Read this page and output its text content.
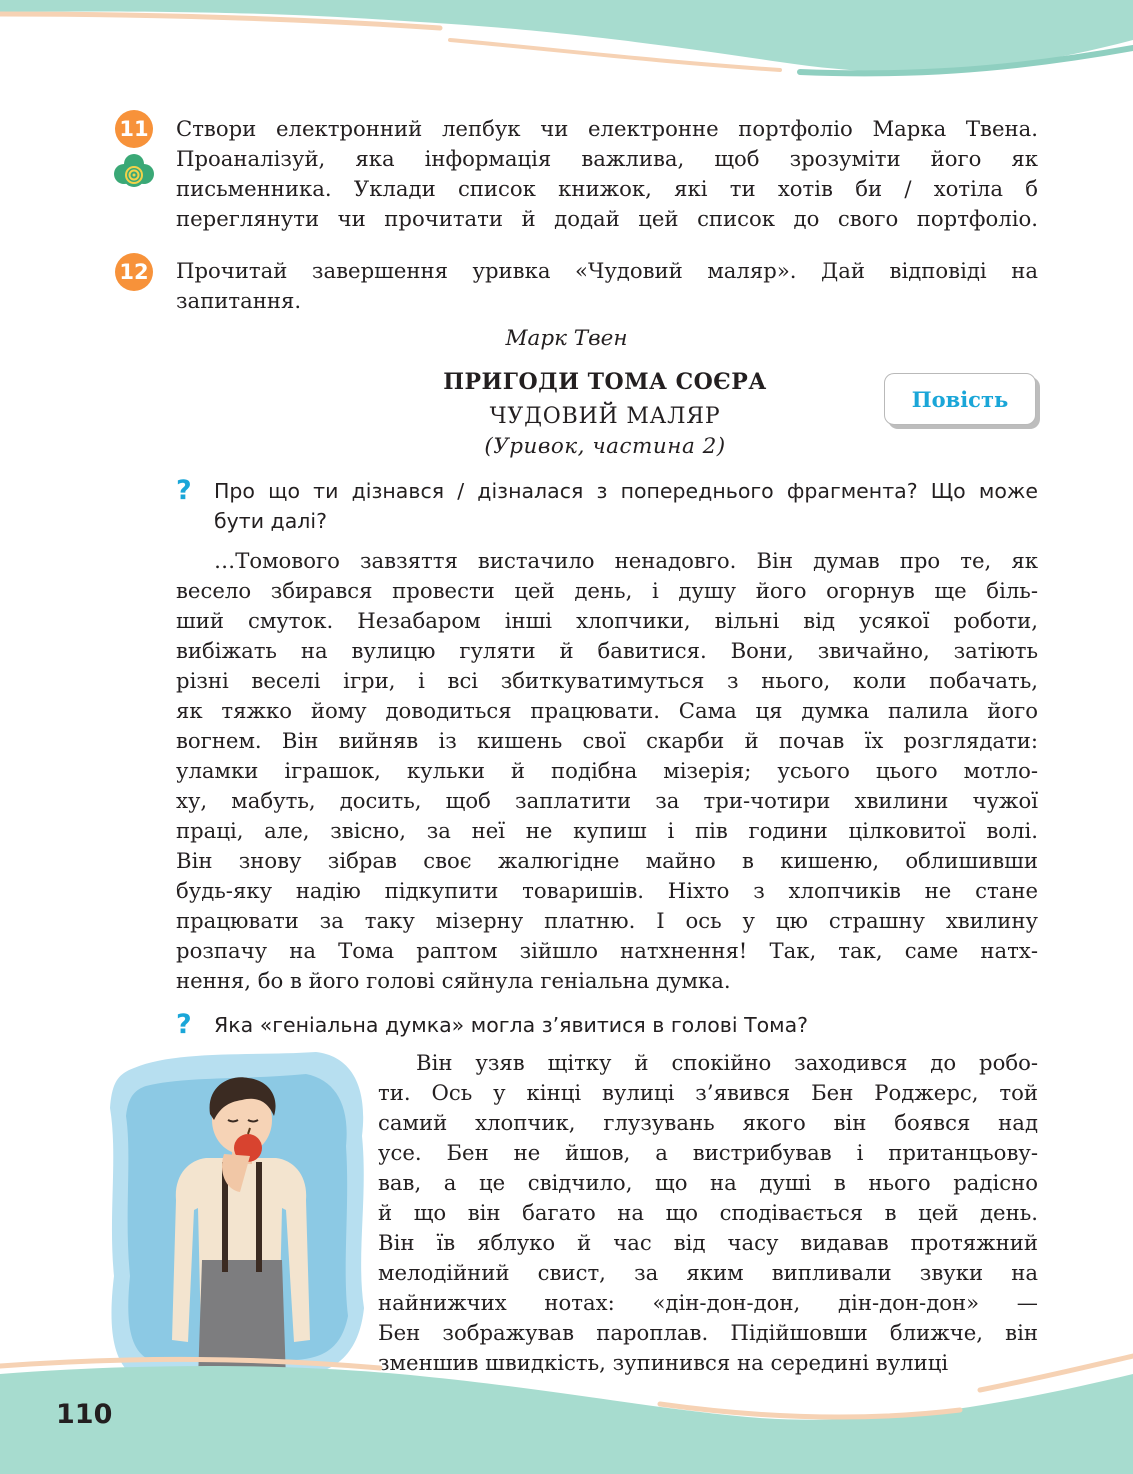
11 Створи електронний лепбук чи електронне портфоліо Марка Твена.
Проаналізуй, яка інформація важлива, щоб зрозуміти його як
письменника. Уклади список книжок, які ти хотів би / хотіла б
переглянути чи прочитати й додай цей список до свого портфоліо.

12 Прочитай завершення уривка «Чудовий маляр». Дай відповіді на
запитання.

Марк Твен
ПРИГОДИ ТОМА СОЄРА
ЧУДОВИЙ МАЛЯР
(Уривок, частина 2)
Повість
? Про що ти дізнався / дізналася з попереднього фрагмента? Що може
бути далі?

…Томового завзяття вистачило ненадовго. Він думав про те, як
весело збирався провести цей день, і душу його огорнув ще біль-
ший смуток. Незабаром інші хлопчики, вільні від усякої роботи,
вибіжать на вулицю гуляти й бавитися. Вони, звичайно, затіють
різні веселі ігри, і всі збиткуватимуться з нього, коли побачать,
як тяжко йому доводиться працювати. Сама ця думка палила його
вогнем. Він вийняв із кишень свої скарби й почав їх розглядати:
уламки іграшок, кульки й подібна мізерія; усього цього мотло-
ху, мабуть, досить, щоб заплатити за три-чотири хвилини чужої
праці, але, звісно, за неї не купиш і пів години цілковитої волі.
Він знову зібрав своє жалюгідне майно в кишеню, облишивши
будь-яку надію підкупити товаришів. Ніхто з хлопчиків не стане
працювати за таку мізерну платню. І ось у цю страшну хвилину
розпачу на Тома раптом зійшло натхнення! Так, так, саме натх-
нення, бо в його голові сяйнула геніальна думка.

? Яка «геніальна думка» могла з’явитися в голові Тома?

Він узяв щітку й спокійно заходився до робо-
ти. Ось у кінці вулиці з’явився Бен Роджерс, той
самий хлопчик, глузувань якого він боявся над
усе. Бен не йшов, а вистрибував і пританцьову-
вав, а це свідчило, що на душі в нього радісно
й що він багато на що сподівається в цей день.
Він їв яблуко й час від часу видавав протяжний
мелодійний свист, за яким випливали звуки на
найнижчих нотах: «дін-дон-дон, дін-дон-дон» —
Бен зображував пароплав. Підійшовши ближче, він
зменшив швидкість, зупинився на середині вулиці

110
